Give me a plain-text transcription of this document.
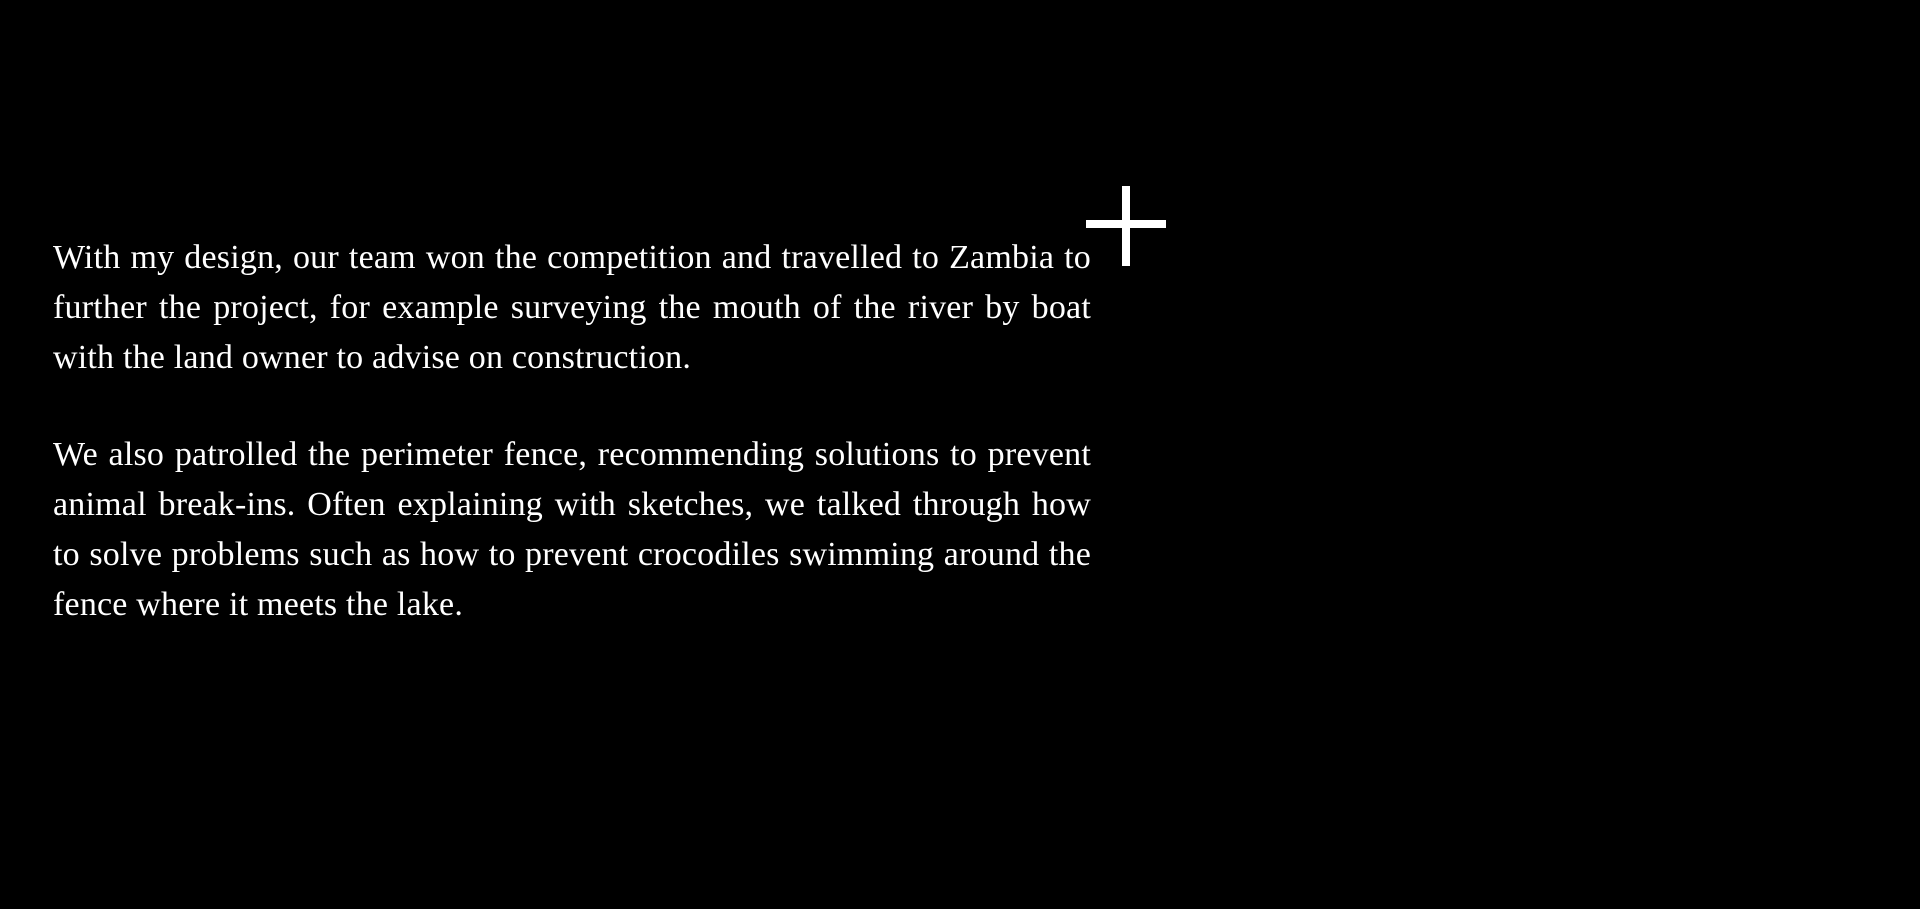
With my design, our team won the competition and travelled to Zambia to further the project, for example surveying the mouth of the river by boat with the land owner to advise on construction.

We also patrolled the perimeter fence, recommending solutions to prevent animal break-ins. Often explaining with sketches, we talked through how to solve problems such as how to prevent crocodiles swimming around the fence where it meets the lake.
